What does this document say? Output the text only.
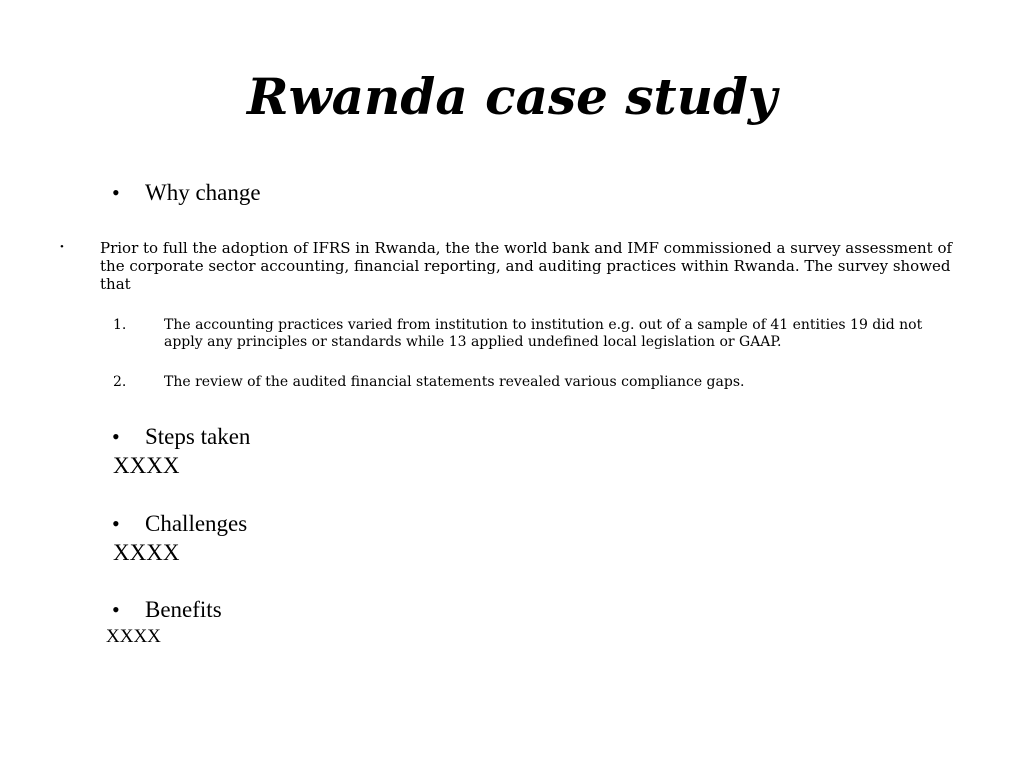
Rwanda case study
• Why change
• Prior to full the adoption of IFRS in Rwanda, the the world bank and IMF commissioned a survey assessment of the corporate sector accounting, financial reporting, and auditing practices within Rwanda. The survey showed that
1.	The accounting practices varied from institution to institution e.g. out of a sample of 41 entities 19 did not apply any principles or standards while 13 applied undefined local legislation or GAAP.
2.	The review of the audited financial statements revealed various compliance gaps.
• Steps taken
XXXX
• Challenges
XXXX
• Benefits
XXXX
